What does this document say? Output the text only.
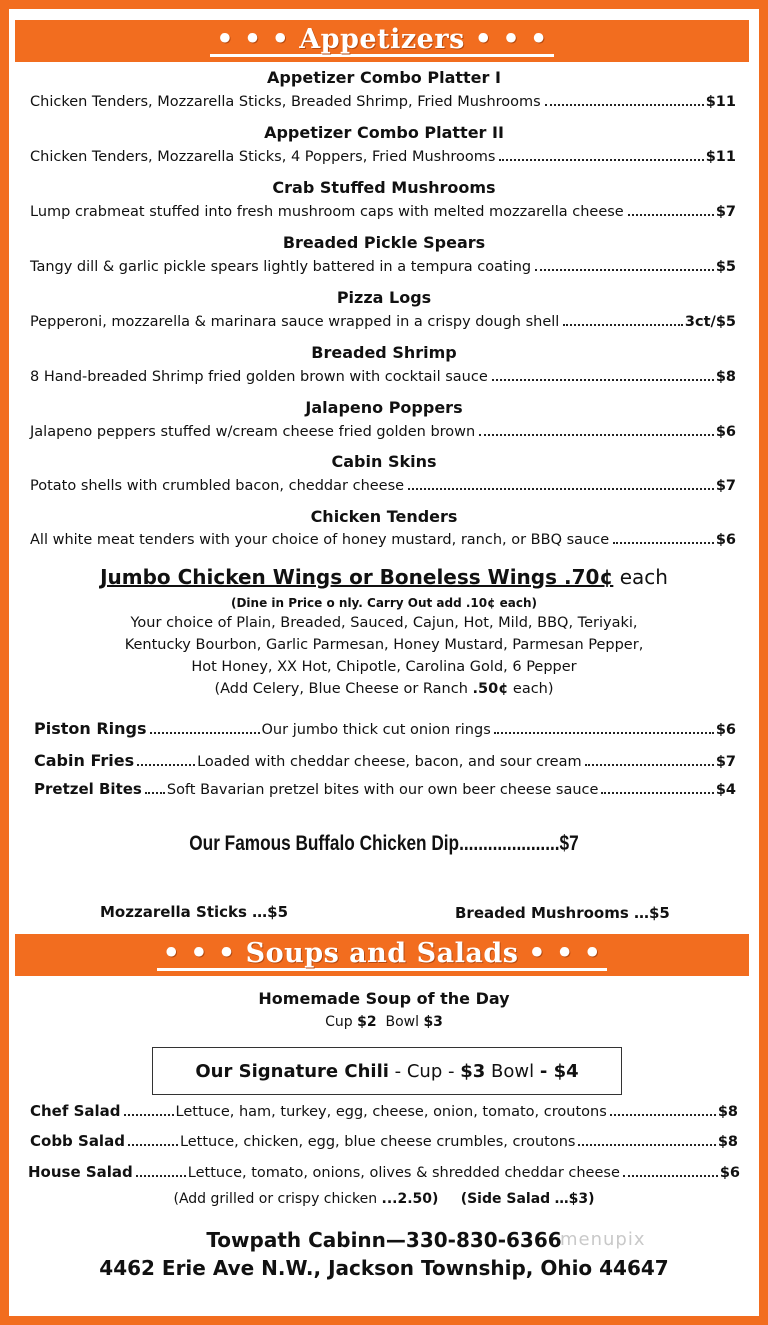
• • • Appetizers • • •
Appetizer Combo Platter I
Chicken Tenders, Mozzarella Sticks, Breaded Shrimp, Fried Mushrooms	$11
Appetizer Combo Platter II
Chicken Tenders, Mozzarella Sticks, 4 Poppers, Fried Mushrooms	$11
Crab Stuffed Mushrooms
Lump crabmeat stuffed into fresh mushroom caps with melted mozzarella cheese	$7
Breaded Pickle Spears
Tangy dill & garlic pickle spears lightly battered in a tempura coating	$5
Pizza Logs
Pepperoni, mozzarella & marinara sauce wrapped in a crispy dough shell	3ct/$5
Breaded Shrimp
8 Hand-breaded Shrimp fried golden brown with cocktail sauce	$8
Jalapeno Poppers
Jalapeno peppers stuffed w/cream cheese fried golden brown	$6
Cabin Skins
Potato shells with crumbled bacon, cheddar cheese	$7
Chicken Tenders
All white meat tenders with your choice of honey mustard, ranch, or BBQ sauce	$6
Jumbo Chicken Wings or Boneless Wings .70¢ each
(Dine in Price o nly. Carry Out add .10¢ each)
Your choice of Plain, Breaded, Sauced, Cajun, Hot, Mild, BBQ, Teriyaki,
Kentucky Bourbon, Garlic Parmesan, Honey Mustard, Parmesan Pepper,
Hot Honey, XX Hot, Chipotle, Carolina Gold, 6 Pepper
(Add Celery, Blue Cheese or Ranch .50¢ each)
Piston Rings	Our jumbo thick cut onion rings	$6
Cabin Fries	Loaded with cheddar cheese, bacon, and sour cream	$7
Pretzel Bites Soft Bavarian pretzel bites with our own beer cheese sauce	$4
Our Famous Buffalo Chicken Dip.....................$7
Mozzarella Sticks …$5	Breaded Mushrooms …$5
• • • Soups and Salads • • •
Homemade Soup of the Day
Cup $2 Bowl $3
Our Signature Chili
- Cup -
$3
Bowl
- $4
Chef Salad	Lettuce, ham, turkey, egg, cheese, onion, tomato, croutons	$8
Cobb Salad	Lettuce, chicken, egg, blue cheese crumbles, croutons	$8
House Salad	Lettuce, tomato, onions, olives & shredded cheddar cheese	$6
(Add grilled or crispy chicken ...2.50) (Side Salad …$3)
Towpath Cabinn—330-830-6366
4462 Erie Ave N.W., Jackson Township, Ohio 44647
menupix
